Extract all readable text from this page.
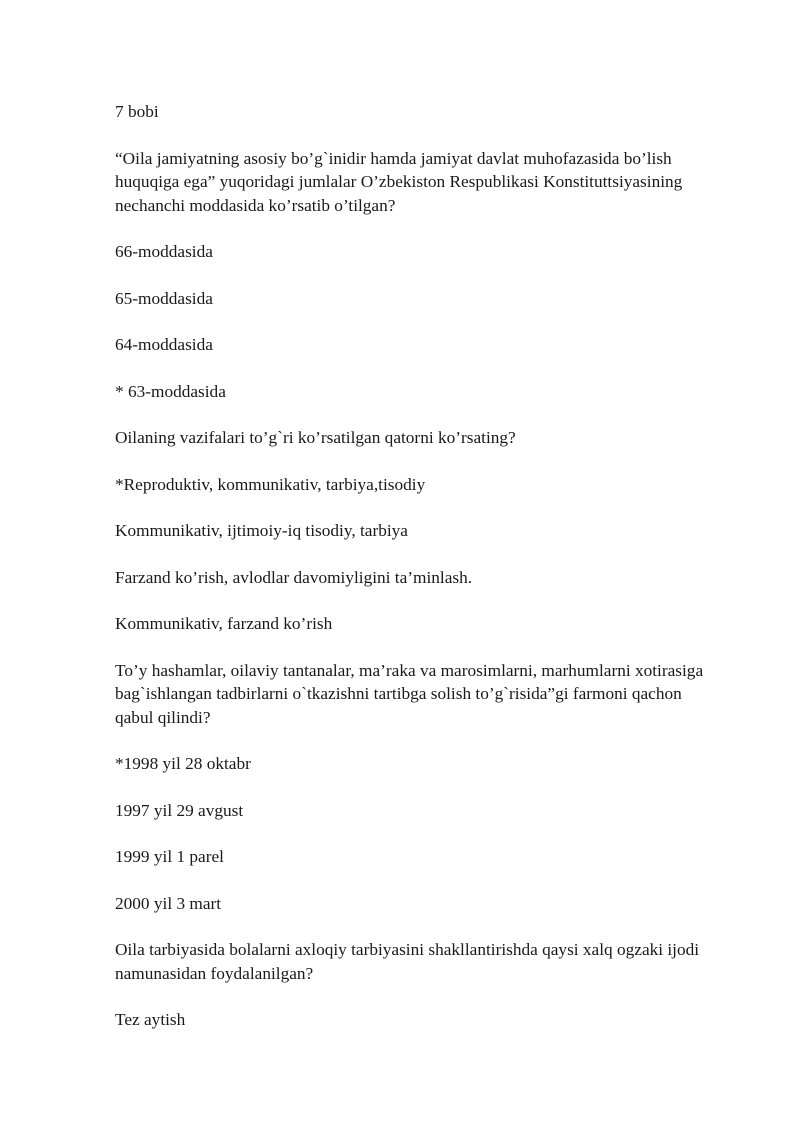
7 bobi

“Oila jamiyatning asosiy bo’g`inidir hamda jamiyat davlat muhofazasida bo’lish huquqiga ega” yuqoridagi jumlalar O’zbekiston Respublikasi Konstituttsiyasining nechanchi moddasida ko’rsatib o’tilgan?

66-moddasida

65-moddasida

64-moddasida

* 63-moddasida

Oilaning vazifalari to’g`ri ko’rsatilgan qatorni ko’rsating?

*Reproduktiv, kommunikativ, tarbiya,tisodiy

Kommunikativ, ijtimoiy-iq tisodiy, tarbiya

Farzand ko’rish, avlodlar davomiyligini ta’minlash.

Kommunikativ, farzand ko’rish

To’y hashamlar, oilaviy tantanalar, ma’raka va marosimlarni, marhumlarni xotirasiga bag`ishlangan tadbirlarni o`tkazishni tartibga solish to’g`risida”gi farmoni qachon qabul qilindi?

*1998 yil 28 oktabr

1997 yil 29 avgust

1999 yil 1 parel

2000 yil 3 mart

Oila tarbiyasida bolalarni axloqiy tarbiyasini shakllantirishda qaysi xalq ogzaki ijodi namunasidan foydalanilgan?

Tez aytish
